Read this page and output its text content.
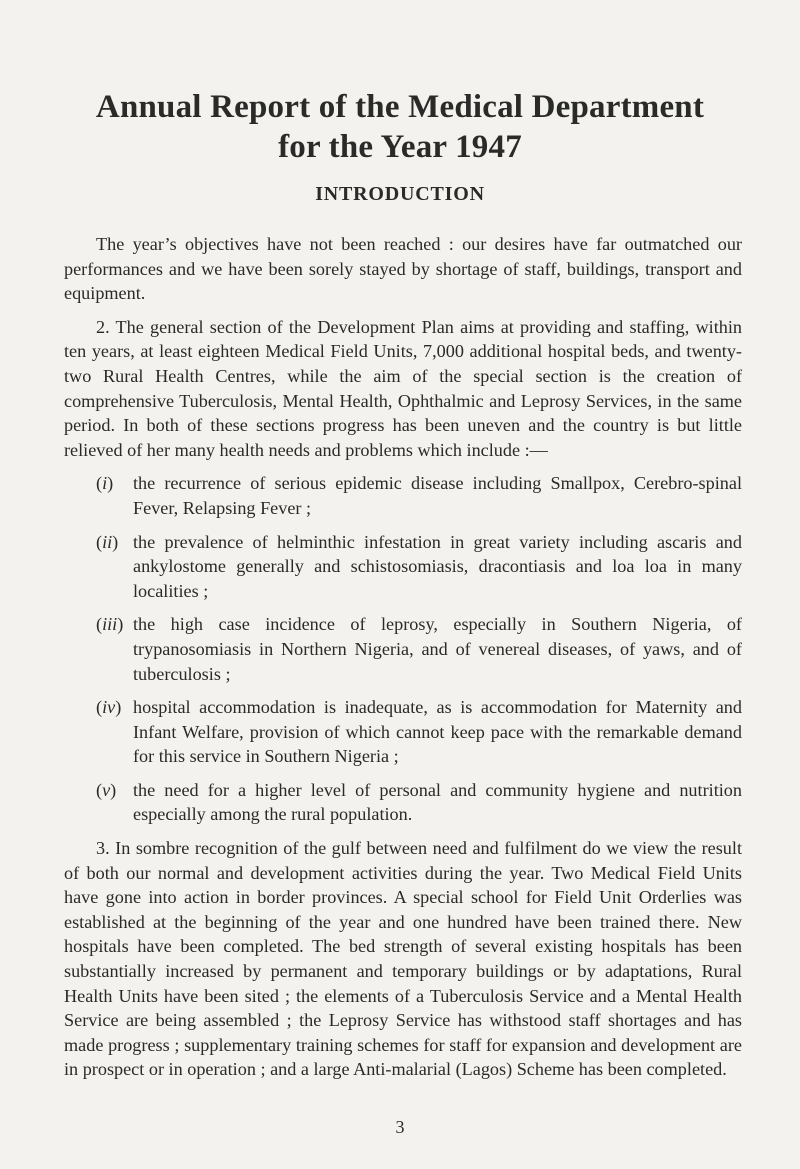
Annual Report of the Medical Department
for the Year 1947
INTRODUCTION

The year’s objectives have not been reached : our desires have far outmatched our performances and we have been sorely stayed by shortage of staff, buildings, transport and equipment.

2. The general section of the Development Plan aims at providing and staffing, within ten years, at least eighteen Medical Field Units, 7,000 additional hospital beds, and twenty-two Rural Health Centres, while the aim of the special section is the creation of comprehensive Tuberculosis, Mental Health, Ophthalmic and Leprosy Services, in the same period. In both of these sections progress has been uneven and the country is but little relieved of her many health needs and problems which include :—

(i) the recurrence of serious epidemic disease including Smallpox, Cerebro-spinal Fever, Relapsing Fever ;
(ii) the prevalence of helminthic infestation in great variety including ascaris and ankylostome generally and schistosomiasis, dracontiasis and loa loa in many localities ;
(iii) the high case incidence of leprosy, especially in Southern Nigeria, of trypanosomiasis in Northern Nigeria, and of venereal diseases, of yaws, and of tuberculosis ;
(iv) hospital accommodation is inadequate, as is accommodation for Maternity and Infant Welfare, provision of which cannot keep pace with the remarkable demand for this service in Southern Nigeria ;
(v) the need for a higher level of personal and community hygiene and nutrition especially among the rural population.

3. In sombre recognition of the gulf between need and fulfilment do we view the result of both our normal and development activities during the year. Two Medical Field Units have gone into action in border provinces. A special school for Field Unit Orderlies was established at the beginning of the year and one hundred have been trained there. New hospitals have been completed. The bed strength of several existing hospitals has been substantially increased by permanent and temporary buildings or by adaptations, Rural Health Units have been sited ; the elements of a Tuberculosis Service and a Mental Health Service are being assembled ; the Leprosy Service has withstood staff shortages and has made progress ; supplementary training schemes for staff for expansion and development are in prospect or in operation ; and a large Anti-malarial (Lagos) Scheme has been completed.

3
